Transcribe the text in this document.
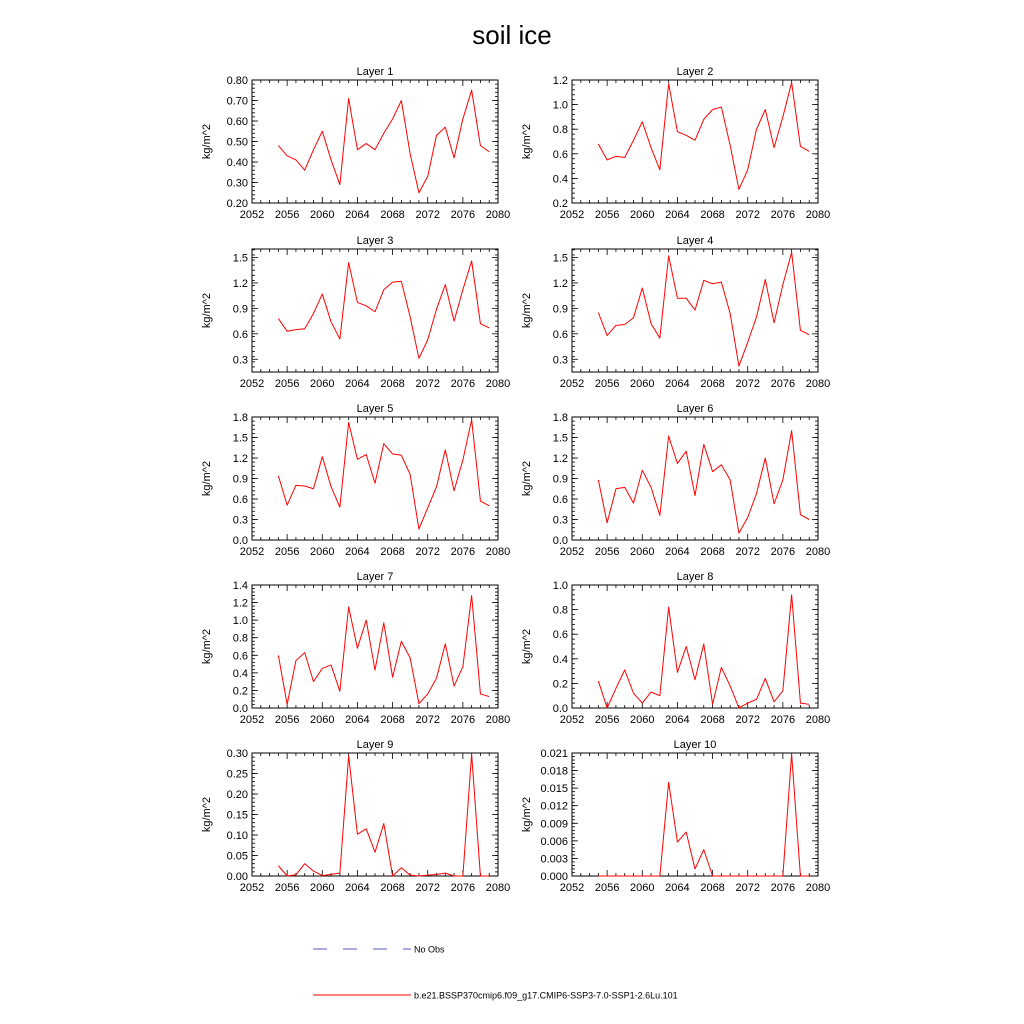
soil ice
Layer 1
2052 2056 2060 2064 2068 2072 2076 2080
0.20
0.30
0.40
0.50
0.60
0.70
0.80
kg/m^2
Layer 2
2052 2056 2060 2064 2068 2072 2076 2080
0.2
0.4
0.6
0.8
1.0
1.2
kg/m^2
Layer 3
2052 2056 2060 2064 2068 2072 2076 2080
0.3
0.6
0.9
1.2
1.5
kg/m^2
Layer 4
2052 2056 2060 2064 2068 2072 2076 2080
0.3
0.6
0.9
1.2
1.5
kg/m^2
Layer 5
2052 2056 2060 2064 2068 2072 2076 2080
0.0
0.3
0.6
0.9
1.2
1.5
1.8
kg/m^2
Layer 6
2052 2056 2060 2064 2068 2072 2076 2080
0.0
0.3
0.6
0.9
1.2
1.5
1.8
kg/m^2
Layer 7
2052 2056 2060 2064 2068 2072 2076 2080
0.0
0.2
0.4
0.6
0.8
1.0
1.2
1.4
kg/m^2
Layer 8
2052 2056 2060 2064 2068 2072 2076 2080
0.0
0.2
0.4
0.6
0.8
1.0
kg/m^2
Layer 9
2052 2056 2060 2064 2068 2072 2076 2080
0.00
0.05
0.10
0.15
0.20
0.25
0.30
kg/m^2
Layer 10
2052 2056 2060 2064 2068 2072 2076 2080
0.000
0.003
0.006
0.009
0.012
0.015
0.018
0.021
kg/m^2
No Obs
b.e21.BSSP370cmip6.f09_g17.CMIP6-SSP3-7.0-SSP1-2.6Lu.101
